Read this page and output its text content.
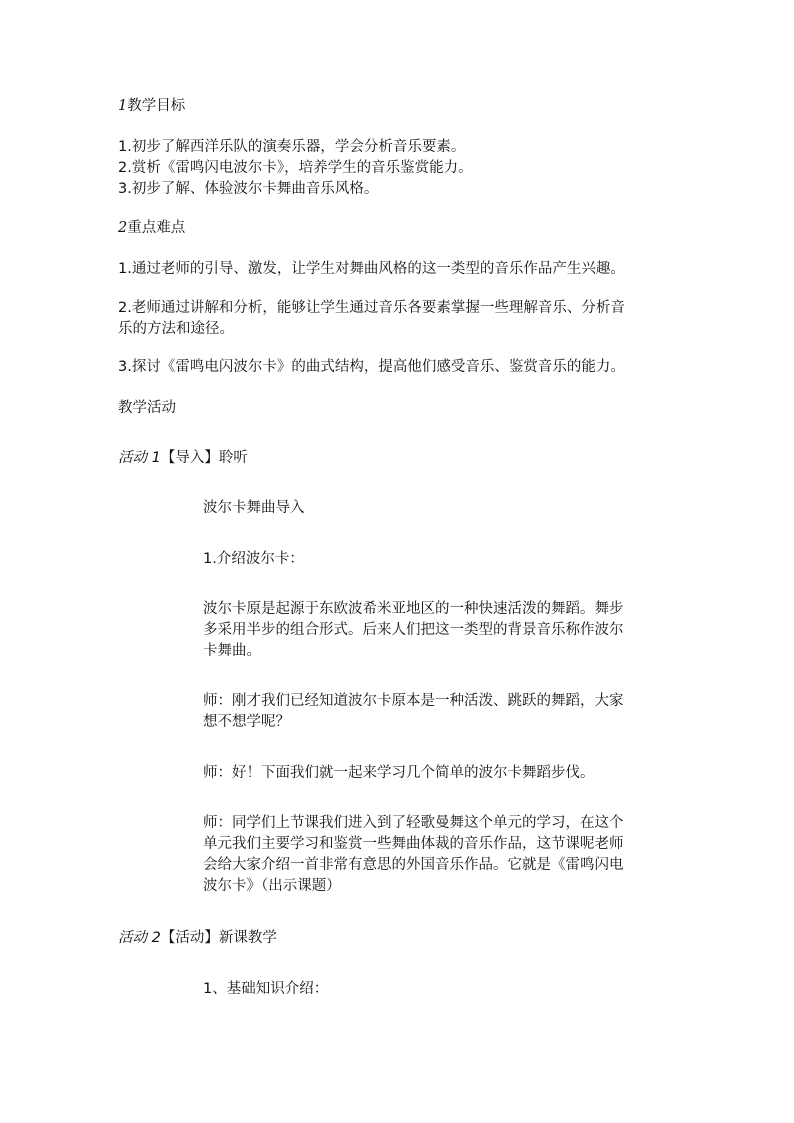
1教学目标
1.初步了解西洋乐队的演奏乐器，学会分析音乐要素。
2.赏析《雷鸣闪电波尔卡》，培养学生的音乐鉴赏能力。
3.初步了解、体验波尔卡舞曲音乐风格。
2重点难点
1.通过老师的引导、激发，让学生对舞曲风格的这一类型的音乐作品产生兴趣。
2.老师通过讲解和分析，能够让学生通过音乐各要素掌握一些理解音乐、分析音
乐的方法和途径。
3.探讨《雷鸣电闪波尔卡》的曲式结构，提高他们感受音乐、鉴赏音乐的能力。
教学活动
活动 1【导入】聆听
波尔卡舞曲导入
1.介绍波尔卡：
波尔卡原是起源于东欧波希米亚地区的一种快速活泼的舞蹈。舞步
多采用半步的组合形式。后来人们把这一类型的背景音乐称作波尔
卡舞曲。
师：刚才我们已经知道波尔卡原本是一种活泼、跳跃的舞蹈，大家
想不想学呢？
师：好！下面我们就一起来学习几个简单的波尔卡舞蹈步伐。
师：同学们上节课我们进入到了轻歌曼舞这个单元的学习，在这个
单元我们主要学习和鉴赏一些舞曲体裁的音乐作品，这节课呢老师
会给大家介绍一首非常有意思的外国音乐作品。它就是《雷鸣闪电
波尔卡》（出示课题）
活动 2【活动】新课教学
1、基础知识介绍：
